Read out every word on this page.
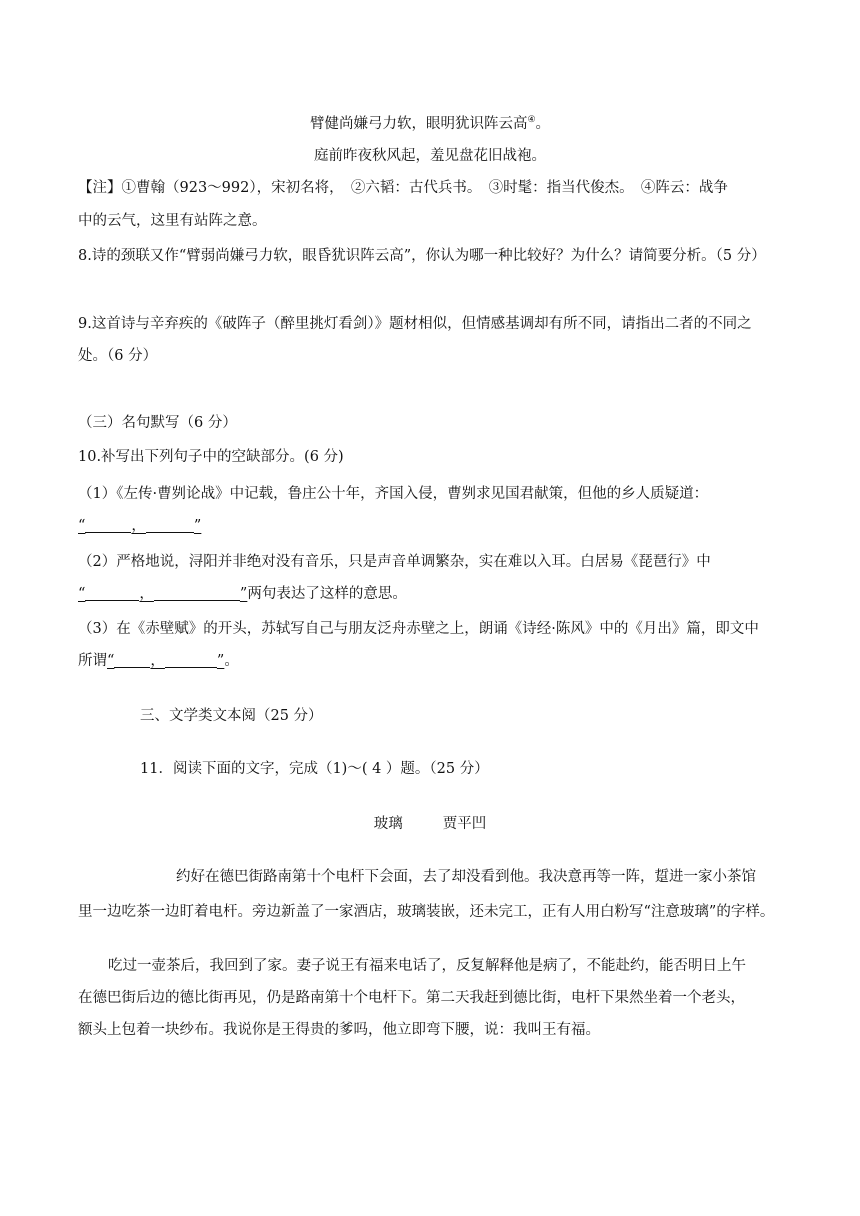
臂健尚嫌弓力软，眼明犹识阵云高④。
庭前昨夜秋风起，羞见盘花旧战袍。
【注】①曹翰（923～992），宋初名将，　②六韬：古代兵书。　③时髦：指当代俊杰。　④阵云：战争
中的云气，这里有站阵之意。
8.诗的颈联又作“臂弱尚嫌弓力软，眼昏犹识阵云高”，你认为哪一种比较好？为什么？请简要分析。（5 分）
9.这首诗与辛弃疾的《破阵子（醉里挑灯看剑）》题材相似，但情感基调却有所不同，请指出二者的不同之
处。（6 分）
（三）名句默写（6 分）
10.补写出下列句子中的空缺部分。(6 分)
（1）《左传·曹刿论战》中记载，鲁庄公十年，齐国入侵，曹刿求见国君献策，但他的乡人质疑道：
“	，	”
（2）严格地说，浔阳并非绝对没有音乐，只是声音单调繁杂，实在难以入耳。白居易《琵琶行》中
“	，	”两句表达了这样的意思。
（3）在《赤壁赋》的开头，苏轼写自己与朋友泛舟赤壁之上，朗诵《诗经·陈风》中的《月出》篇，即文中
所谓“ ，	”。
三、文学类文本阅（25 分）
11．阅读下面的文字，完成（1)～( 4 ）题。（25 分）
玻璃	贾平凹
约好在德巴街路南第十个电杆下会面，去了却没看到他。我决意再等一阵，踅进一家小茶馆
里一边吃茶一边盯着电杆。旁边新盖了一家酒店，玻璃装嵌，还未完工，正有人用白粉写“注意玻璃”的字样。
吃过一壶茶后，我回到了家。妻子说王有福来电话了，反复解释他是病了，不能赴约，能否明日上午
在德巴街后边的德比街再见，仍是路南第十个电杆下。第二天我赶到德比街，电杆下果然坐着一个老头，
额头上包着一块纱布。我说你是王得贵的爹吗，他立即弯下腰，说：我叫王有福。
